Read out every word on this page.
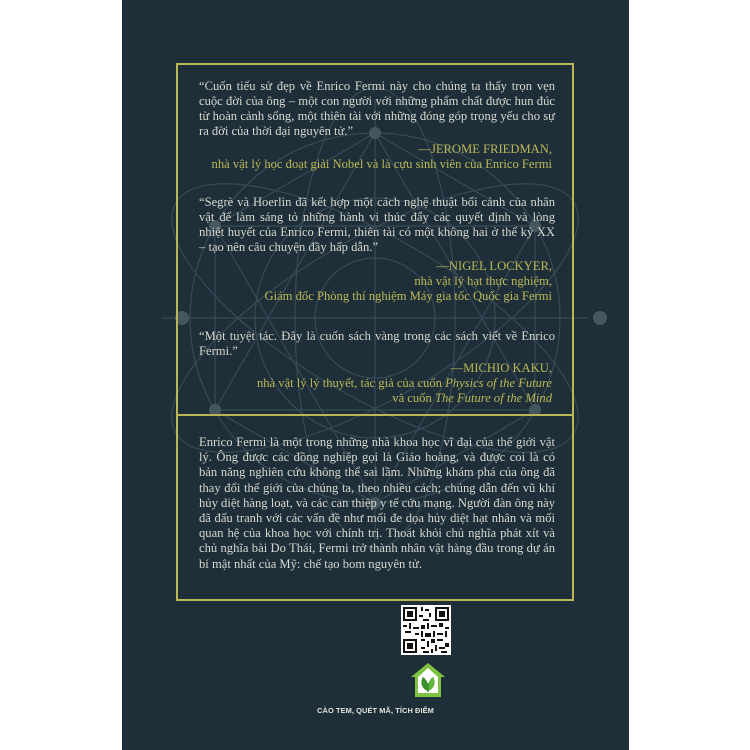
“Cuốn tiểu sử đẹp về Enrico Fermi này cho chúng ta thấy trọn vẹn cuộc đời của ông – một con người với những phẩm chất được hun đúc từ hoàn cảnh sống, một thiên tài với những đóng góp trọng yếu cho sự ra đời của thời đại nguyên tử.”

—JEROME FRIEDMAN,
nhà vật lý học đoạt giải Nobel và là cựu sinh viên của Enrico Fermi

“Segrè và Hoerlin đã kết hợp một cách nghệ thuật bối cảnh của nhân vật để làm sáng tỏ những hành vi thúc đẩy các quyết định và lòng nhiệt huyết của Enrico Fermi, thiên tài có một không hai ở thế kỷ XX – tạo nên câu chuyện đầy hấp dẫn.”

—NIGEL LOCKYER,
nhà vật lý hạt thực nghiệm,
Giám đốc Phòng thí nghiệm Máy gia tốc Quốc gia Fermi

“Một tuyệt tác. Đây là cuốn sách vàng trong các sách viết về Enrico Fermi.”

—MICHIO KAKU,
nhà vật lý lý thuyết, tác giả của cuốn Physics of the Future
và cuốn The Future of the Mind

Enrico Fermi là một trong những nhà khoa học vĩ đại của thế giới vật lý. Ông được các đồng nghiệp gọi là Giáo hoàng, và được coi là có bản năng nghiên cứu không thể sai lầm. Những khám phá của ông đã thay đổi thế giới của chúng ta, theo nhiều cách; chúng dẫn đến vũ khí hủy diệt hàng loạt, và các can thiệp y tế cứu mạng. Người đàn ông này đã đấu tranh với các vấn đề như mối đe dọa hủy diệt hạt nhân và mối quan hệ của khoa học với chính trị. Thoát khỏi chủ nghĩa phát xít và chủ nghĩa bài Do Thái, Fermi trở thành nhân vật hàng đầu trong dự án bí mật nhất của Mỹ: chế tạo bom nguyên tử.

CÀO TEM, QUÉT MÃ, TÍCH ĐIỂM
